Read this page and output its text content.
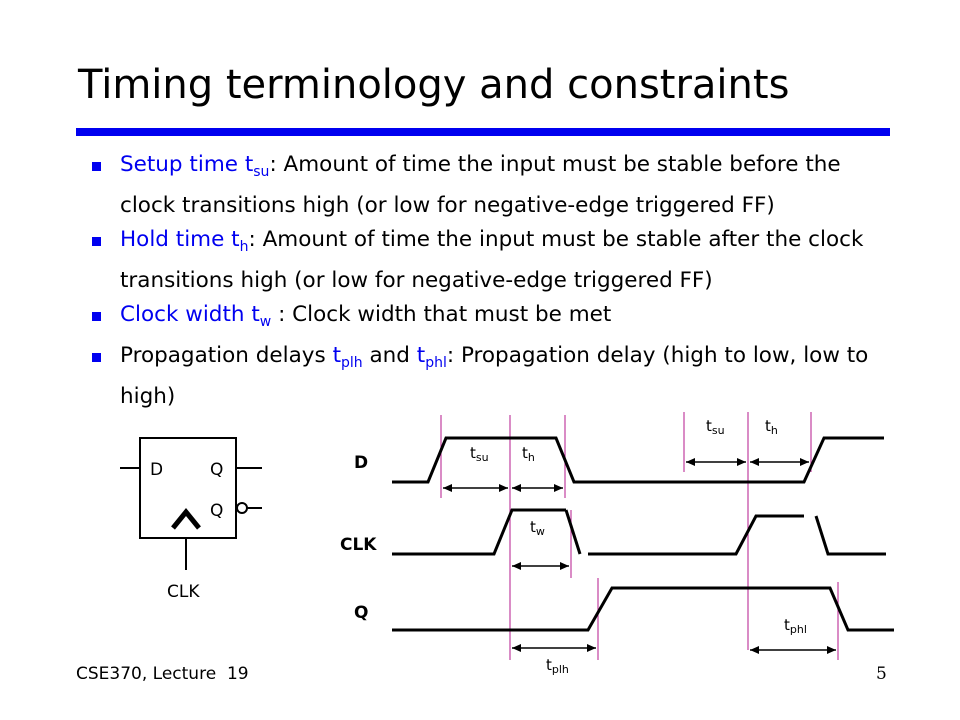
Timing terminology and constraints
Setup time $t_{su}$: Amount of time the input must be stable before the clock transitions high (or low for negative-edge triggered FF)
Hold time $t_h$: Amount of time the input must be stable after the clock transitions high (or low for negative-edge triggered FF)
Clock width $t_w$ : Clock width that must be met
Propagation delays $t_{plh}$ and $t_{phl}$: Propagation delay (high to low, low to high)
D	Q
Q
CLK
D
CLK
Q
$t_{su}$ $t_h$
$t_{su}$	$t_h$
$t_w$
$t_{plh}$
$t_{phl}$
CSE370, Lecture 19	5
